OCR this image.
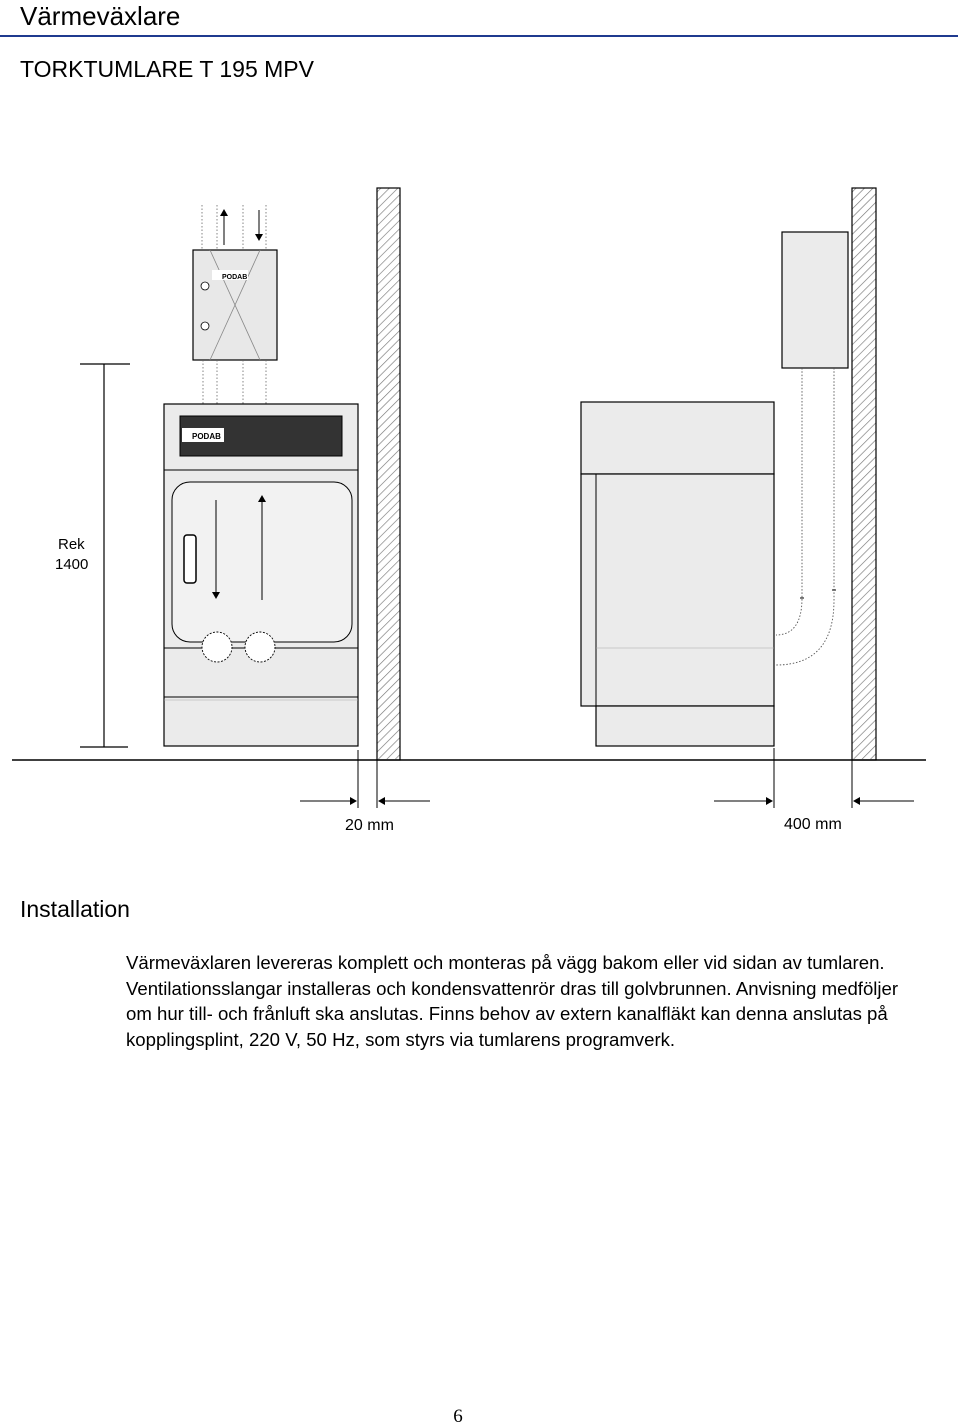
Värmeväxlare
TORKTUMLARE T 195 MPV
Rek
1400
PODAB
PODAB
20 mm	400 mm
Installation

Värmeväxlaren levereras komplett och monteras på vägg bakom eller vid sidan av tumlaren. Ventilationsslangar installeras och kondensvattenrör dras till golvbrunnen. Anvisning medföljer om hur till- och frånluft ska anslutas. Finns behov av extern kanalfläkt kan denna anslutas på kopplingsplint, 220 V, 50 Hz, som styrs via tumlarens programverk.

6
